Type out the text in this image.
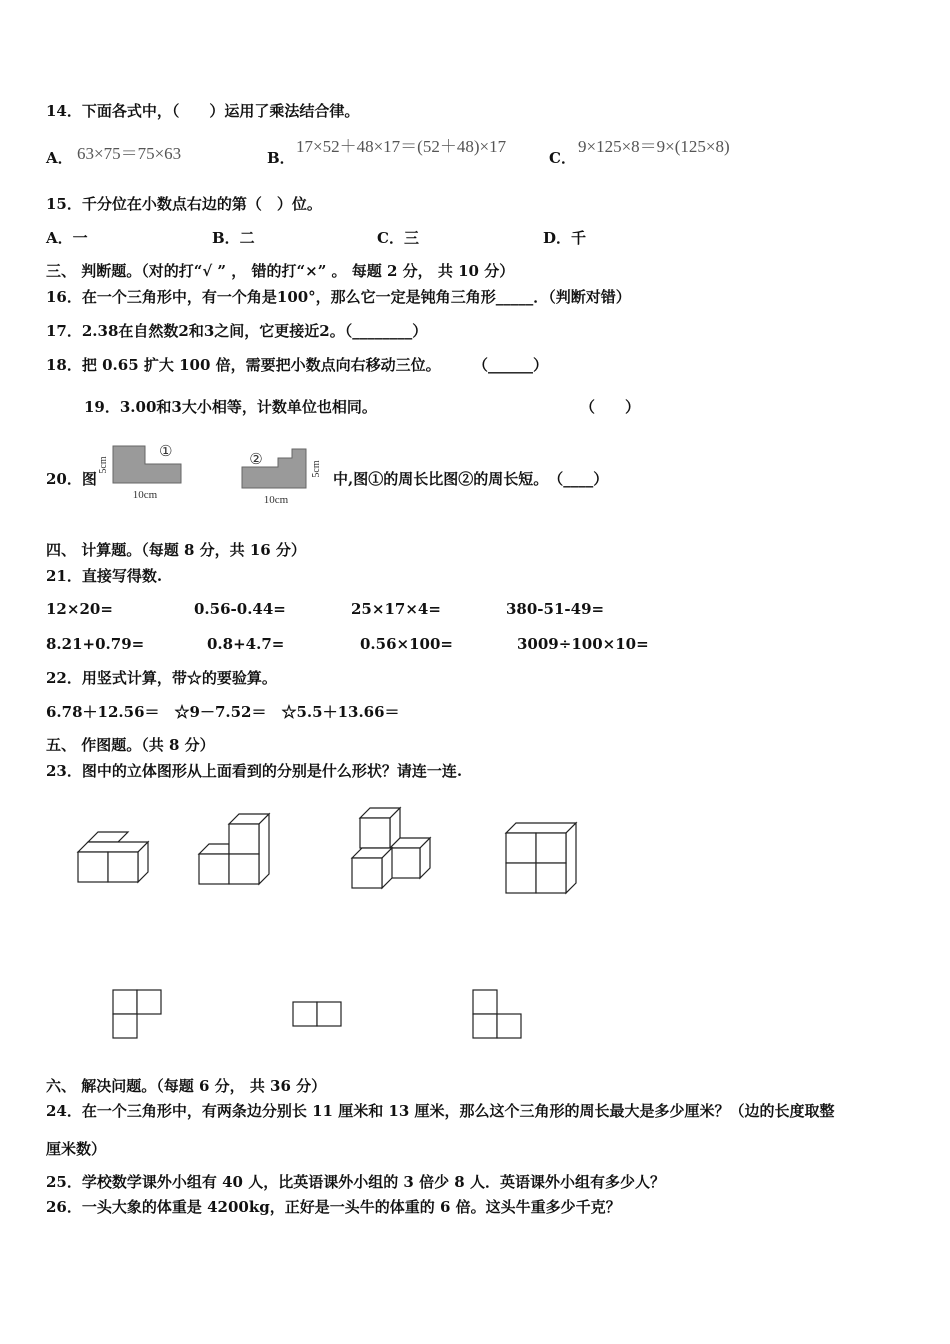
14．下面各式中，（　　）运用了乘法结合律。
A． 63×75＝75×63	B．
17×52＋48×17＝(52＋48)×17
C．
9×125×8＝9×(125×8)
15．千分位在小数点右边的第（　）位。
A．一	B．二	C．三	D．千
三、 判断题。（对的打“√ ” ， 错的打“×” 。 每题 2 分， 共 10 分）
16．在一个三角形中，有一个角是100°，那么它一定是钝角三角形_____．（判断对错）
17．2.38在自然数2和3之间，它更接近2。（________）
18．把 0.65 扩大 100 倍，需要把小数点向右移动三位。 （______）
19．3.00和3大小相等，计数单位也相同。	（　　）
20．图
5cm
①
10cm
②
5cm
10cm
中,图①的周长比图②的周长短。　（____）
四、 计算题。（每题 8 分，共 16 分）
21．直接写得数.
12×20=	0.56-0.44=	25×17×4=	380-51-49=
8.21+0.79=	0.8+4.7=	0.56×100=	3009÷100×10=
22．用竖式计算，带☆的要验算。
6.78＋12.56＝　☆9－7.52＝　☆5.5＋13.66＝
五、 作图题。（共 8 分）
23．图中的立体图形从上面看到的分别是什么形状？请连一连.
六、 解决问题。（每题 6 分， 共 36 分）
24．在一个三角形中，有两条边分别长 11 厘米和 13 厘米，那么这个三角形的周长最大是多少厘米？（边的长度取整
厘米数）
25．学校数学课外小组有 40 人，比英语课外小组的 3 倍少 8 人．英语课外小组有多少人？
26．一头大象的体重是 4200kg，正好是一头牛的体重的 6 倍。这头牛重多少千克？
